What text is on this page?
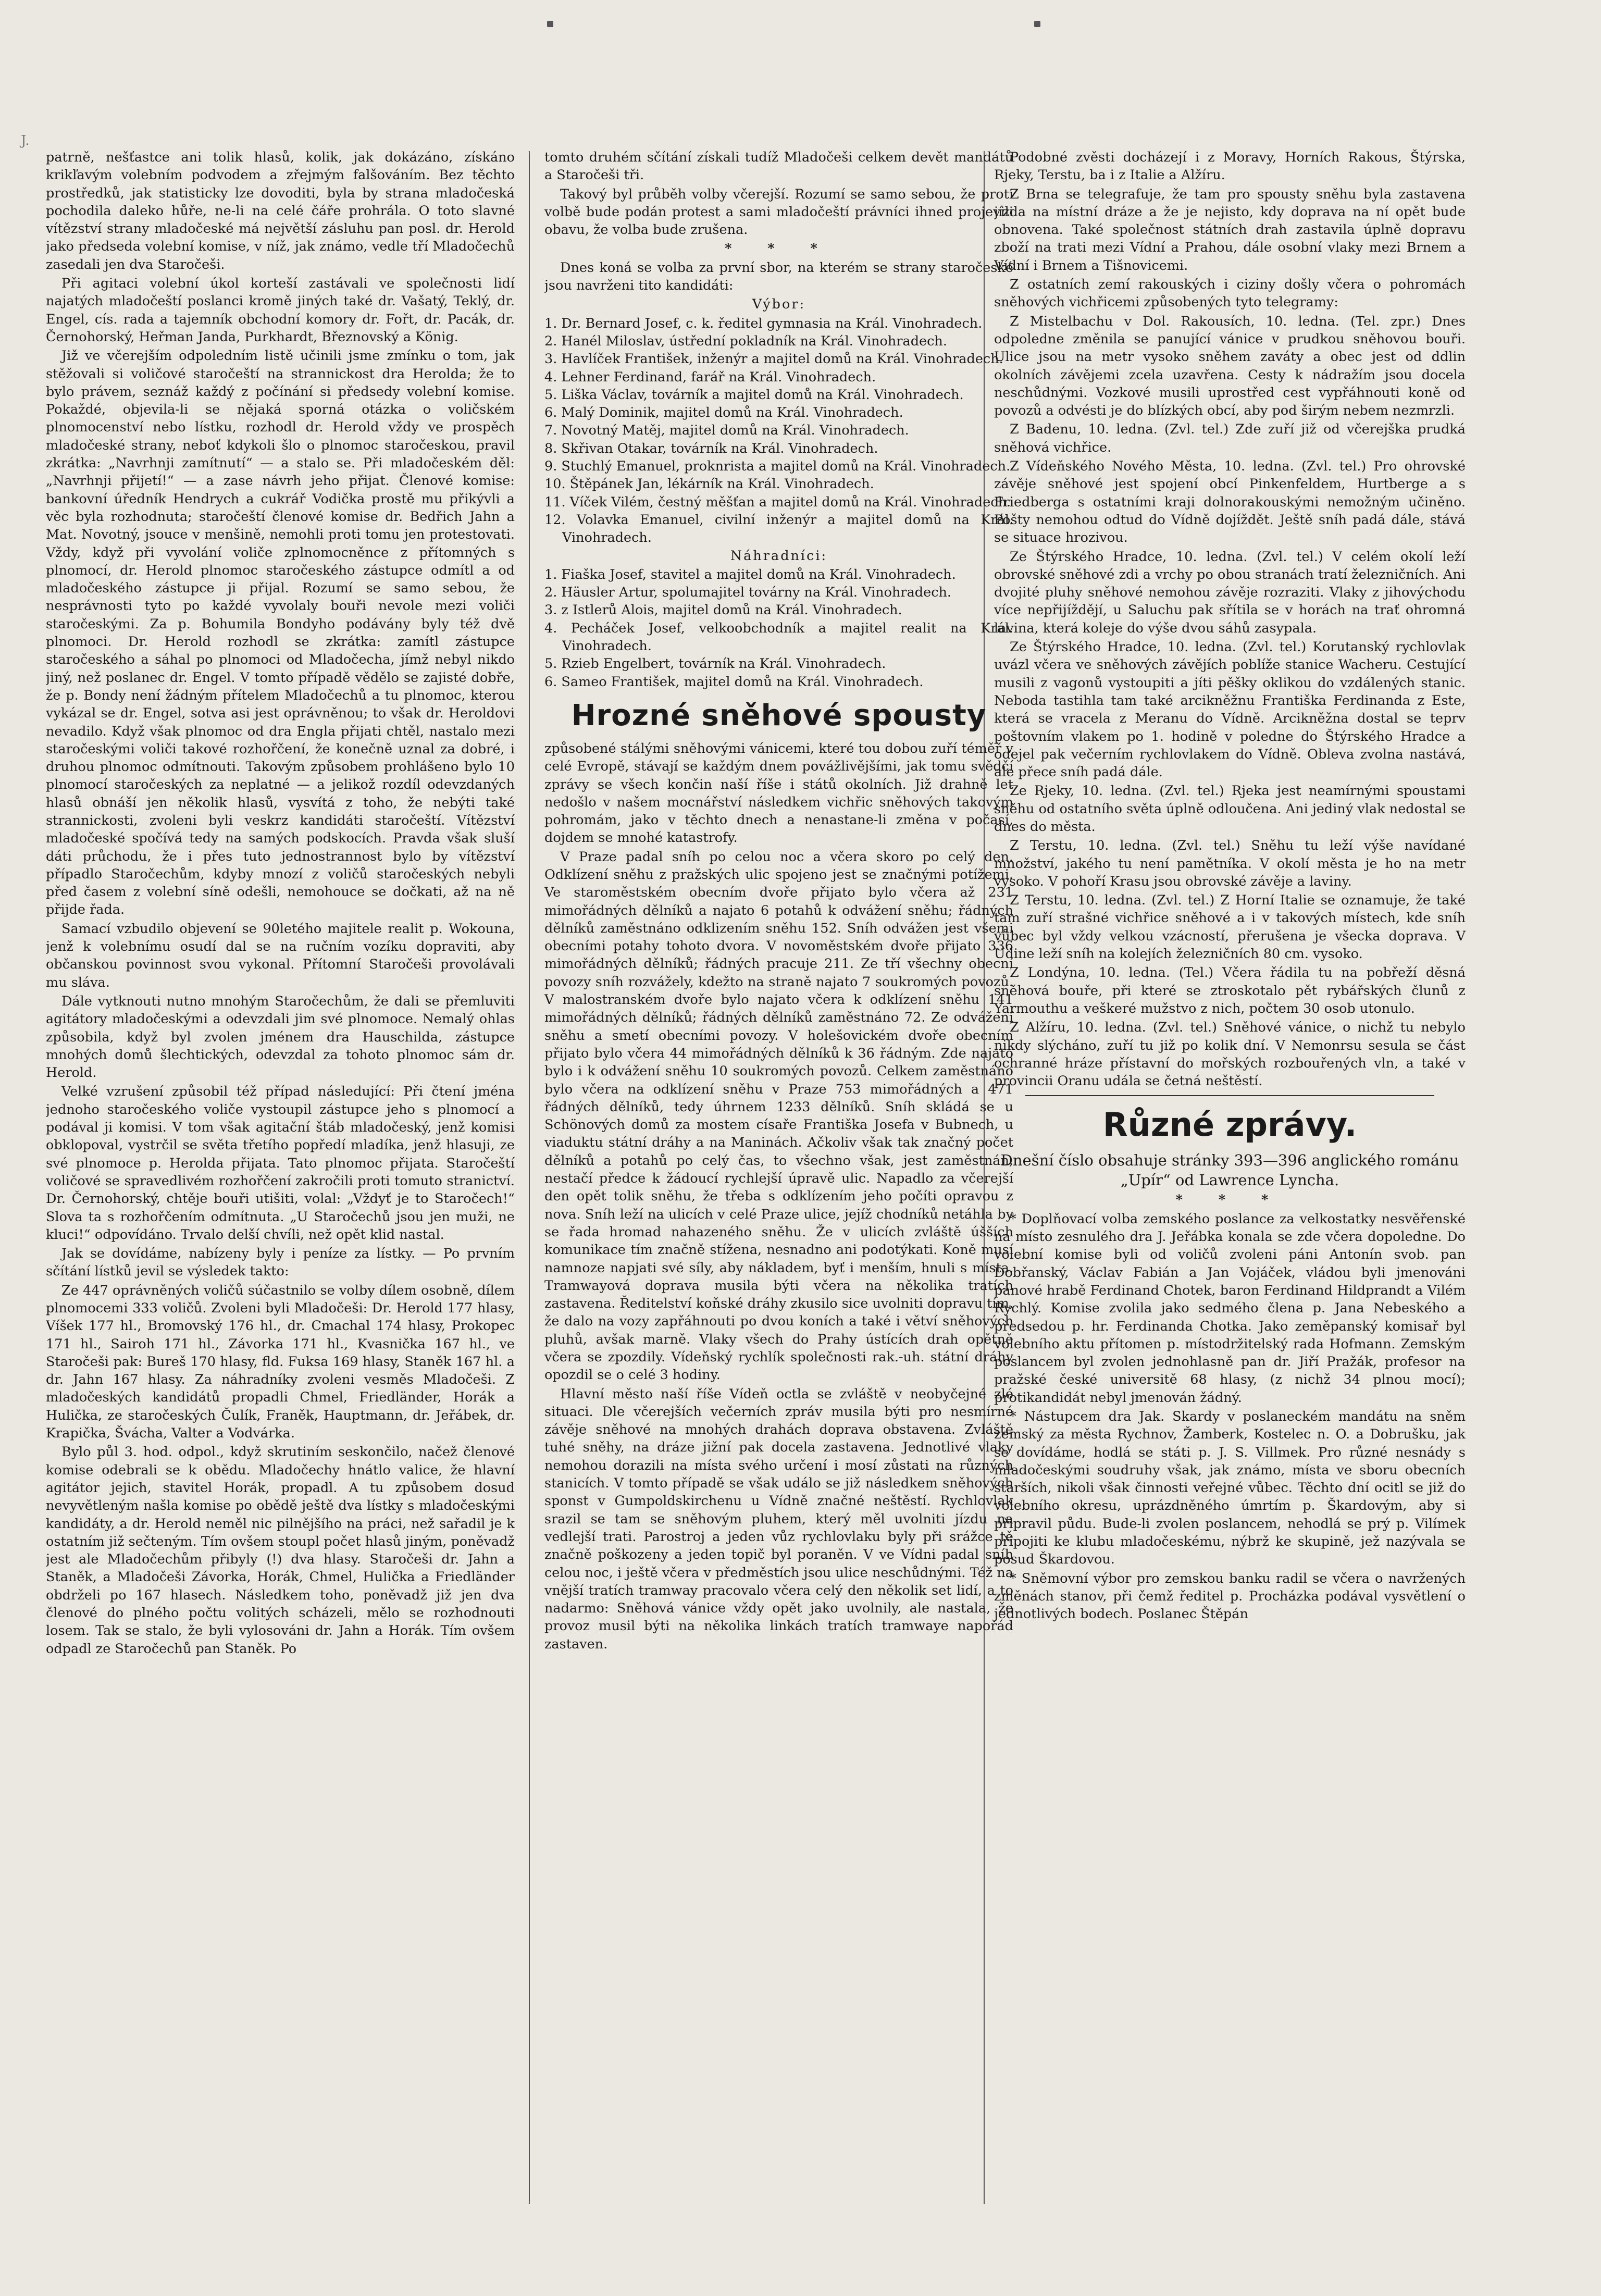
J.

patrně, nešťastce ani tolik hlasů, kolik, jak dokázáno, získáno krikľavým volebním podvodem a zřejmým falšováním. Bez těchto prostředků, jak statisticky lze dovoditi, byla by strana mladočeská pochodila daleko hůře, ne-li na celé čáře prohrála. O toto slavné vítězství strany mladočeské má největší zásluhu pan posl. dr. Herold jako předseda volební komise, v níž, jak známo, vedle tří Mladočechů zasedali jen dva Staročeši.

Při agitaci volební úkol korteší zastávali ve společnosti lidí najatých mladočeští poslanci kromě jiných také dr. Vašatý, Teklý, dr. Engel, cís. rada a tajemník obchodní komory dr. Fořt, dr. Pacák, dr. Černohorský, Heřman Janda, Purkhardt, Březnovský a König.

Již ve včerejším odpoledním listě učinili jsme zmínku o tom, jak stěžovali si voličové staročeští na strannickost dra Herolda; že to bylo právem, seznáž každý z počínání si předsedy volební komise. Pokaždé, objevila-li se nějaká sporná otázka o voličském plnomocenství nebo lístku, rozhodl dr. Herold vždy ve prospěch mladočeské strany, neboť kdykoli šlo o plnomoc staročeskou, pravil zkrátka: „Navrhnji zamítnutí“ — a stalo se. Při mladočeském děl: „Navrhnji přijetí!“ — a zase návrh jeho přijat. Členové komise: bankovní úředník Hendrych a cukrář Vodička prostě mu přikývli a věc byla rozhodnuta; staročeští členové komise dr. Bedřich Jahn a Mat. Novotný, jsouce v menšině, nemohli proti tomu jen protestovati. Vždy, když při vyvolání voliče zplnomocněnce z přítomných s plnomocí, dr. Herold plnomoc staročeského zástupce odmítl a od mladočeského zástupce ji přijal. Rozumí se samo sebou, že nesprávnosti tyto po každé vyvolaly bouři nevole mezi voliči staročeskými. Za p. Bohumila Bondyho podávány byly též dvě plnomoci. Dr. Herold rozhodl se zkrátka: zamítl zástupce staročeského a sáhal po plnomoci od Mladočecha, jímž nebyl nikdo jiný, než poslanec dr. Engel. V tomto případě vědělo se zajisté dobře, že p. Bondy není žádným přítelem Mladočechů a tu plnomoc, kterou vykázal se dr. Engel, sotva asi jest oprávněnou; to však dr. Heroldovi nevadilo. Když však plnomoc od dra Engla přijati chtěl, nastalo mezi staročeskými voliči takové rozhořčení, že konečně uznal za dobré, i druhou plnomoc odmítnouti. Takovým způsobem prohlášeno bylo 10 plnomocí staročeských za neplatné — a jelikož rozdíl odevzdaných hlasů obnáší jen několik hlasů, vysvítá z toho, že nebýti také strannickosti, zvoleni byli veskrz kandidáti staročeští. Vítězství mladočeské spočívá tedy na samých podskocích. Pravda však sluší dáti průchodu, že i přes tuto jednostrannost bylo by vítězství případlo Staročechům, kdyby mnozí z voličů staročeských nebyli před časem z volební síně odešli, nemohouce se dočkati, až na ně přijde řada.

Samací vzbudilo objevení se 90letého majitele realit p. Wokouna, jenž k volebnímu osudí dal se na ručním vozíku dopraviti, aby občanskou povinnost svou vykonal. Přítomní Staročeši provolávali mu sláva.

Dále vytknouti nutno mnohým Staročechům, že dali se přemluviti agitátory mladočeskými a odevzdali jim své plnomoce. Nemalý ohlas způsobila, když byl zvolen jménem dra Hauschilda, zástupce mnohých domů šlechtických, odevzdal za tohoto plnomoc sám dr. Herold.

Velké vzrušení způsobil též případ následující: Při čtení jména jednoho staročeského voliče vystoupil zástupce jeho s plnomocí a podával ji komisi. V tom však agitační štáb mladočeský, jenž komisi obklopoval, vystrčil se světa třetího popředí mladíka, jenž hlasuji, ze své plnomoce p. Herolda přijata. Tato plnomoc přijata. Staročeští voličové se spravedlivém rozhořčení zakročili proti tomuto stranictví. Dr. Černohorský, chtěje bouři utišiti, volal: „Vždyť je to Staročech!“ Slova ta s rozhořčením odmítnuta. „U Staročechů jsou jen muži, ne kluci!“ odpovídáno. Trvalo delší chvíli, než opět klid nastal.

Jak se dovídáme, nabízeny byly i peníze za lístky. — Po prvním sčítání lístků jevil se výsledek takto:

Ze 447 oprávněných voličů súčastnilo se volby dílem osobně, dílem plnomocemi 333 voličů. Zvoleni byli Mladočeši: Dr. Herold 177 hlasy, Víšek 177 hl., Bromovský 176 hl., dr. Cmachal 174 hlasy, Prokopec 171 hl., Sairoh 171 hl., Závorka 171 hl., Kvasnička 167 hl., ve Staročeši pak: Bureš 170 hlasy, fld. Fuksa 169 hlasy, Staněk 167 hl. a dr. Jahn 167 hlasy. Za náhradníky zvoleni vesměs Mladočeši. Z mladočeských kandidátů propadli Chmel, Friedländer, Horák a Hulička, ze staročeských Čulík, Franěk, Hauptmann, dr. Jeřábek, dr. Krapička, Švácha, Valter a Vodvárka.

Bylo půl 3. hod. odpol., když skrutiním seskončilo, načež členové komise odebrali se k obědu. Mladočechy hnátlo valice, že hlavní agitátor jejich, stavitel Horák, propadl. A tu způsobem dosud nevyvětleným našla komise po obědě ještě dva lístky s mladočeskými kandidáty, a dr. Herold neměl nic pilnějšího na práci, než sařadil je k ostatním již sečteným. Tím ovšem stoupl počet hlasů jiným, poněvadž jest ale Mladočechům přibyly (!) dva hlasy. Staročeši dr. Jahn a Staněk, a Mladočeši Závorka, Horák, Chmel, Hulička a Friedländer obdrželi po 167 hlasech. Následkem toho, poněvadž již jen dva členové do plného počtu volitých scházeli, mělo se rozhodnouti losem. Tak se stalo, že byli vylosováni dr. Jahn a Horák. Tím ovšem odpadl ze Staročechů pan Staněk. Po

tomto druhém sčítání získali tudíž Mladočeši celkem devět mandátů a Staročeši tři.

Takový byl průběh volby včerejší. Rozumí se samo sebou, že proti volbě bude podán protest a sami mladočeští právníci ihned projevili obavu, že volba bude zrušena.

* * *

Dnes koná se volba za první sbor, na kterém se strany staročeské jsou navrženi tito kandidáti:

Výbor:

1. Dr. Bernard Josef, c. k. ředitel gymnasia na Král. Vinohradech.
2. Hanél Miloslav, ústřední pokladník na Král. Vinohradech.
3. Havlíček František, inženýr a majitel domů na Král. Vinohradech.
4. Lehner Ferdinand, farář na Král. Vinohradech.
5. Liška Václav, továrník a majitel domů na Král. Vinohradech.
6. Malý Dominik, majitel domů na Král. Vinohradech.
7. Novotný Matěj, majitel domů na Král. Vinohradech.
8. Skřivan Otakar, továrník na Král. Vinohradech.
9. Stuchlý Emanuel, proknrista a majitel domů na Král. Vinohradech.
10. Štěpánek Jan, lékárník na Král. Vinohradech.
11. Víček Vilém, čestný měšťan a majitel domů na Král. Vinohradech.
12. Volavka Emanuel, civilní inženýr a majitel domů na Král. Vinohradech.

Náhradníci:

1. Fiaška Josef, stavitel a majitel domů na Král. Vinohradech.
2. Häusler Artur, spolumajitel továrny na Král. Vinohradech.
3. z Istlerů Alois, majitel domů na Král. Vinohradech.
4. Pecháček Josef, velkoobchodník a majitel realit na Král. Vinohradech.
5. Rzieb Engelbert, továrník na Král. Vinohradech.
6. Sameo František, majitel domů na Král. Vinohradech.
Hrozné sněhové spousty

způsobené stálými sněhovými vánicemi, které tou dobou zuří téměř v celé Evropě, stávají se každým dnem povážlivějšími, jak tomu svědčí zprávy se všech končin naší říše i států okolních. Již drahně let nedošlo v našem mocnářství následkem vichřic sněhových takovým pohromám, jako v těchto dnech a nenastane-li změna v počasí, dojdem se mnohé katastrofy.

V Praze padal sníh po celou noc a včera skoro po celý den. Odklízení sněhu z pražských ulic spojeno jest se značnými potížemi. Ve staroměstském obecním dvoře přijato bylo včera až 231 mimořádných dělníků a najato 6 potahů k odvážení sněhu; řádných dělníků zaměstnáno odklizením sněhu 152. Sníh odvážen jest všemi obecními potahy tohoto dvora. V novoměstském dvoře přijato 336 mimořádných dělníků; řádných pracuje 211. Ze tří všechny obecní povozy sníh rozvážely, kdežto na straně najato 7 soukromých povozů. V malostranském dvoře bylo najato včera k odklízení sněhu 141 mimořádných dělníků; řádných dělníků zaměstnáno 72. Ze odvážení sněhu a smetí obecními povozy. V holešovickém dvoře obecním přijato bylo včera 44 mimořádných dělníků k 36 řádným. Zde najato bylo i k odvážení sněhu 10 soukromých povozů. Celkem zaměstnáno bylo včera na odklízení sněhu v Praze 753 mimořádných a 471 řádných dělníků, tedy úhrnem 1233 dělníků. Sníh skládá se u Schönových domů za mostem císaře Františka Josefa v Bubnech, u viaduktu státní dráhy a na Maninách. Ačkoliv však tak značný počet dělníků a potahů po celý čas, to všechno však, jest zaměstnán, nestačí předce k žádoucí rychlejší úpravě ulic. Napadlo za včerejší den opět tolik sněhu, že třeba s odklízením jeho počíti opravou z nova. Sníh leží na ulicích v celé Praze ulice, jejíž chodníků netáhla by se řada hromad nahazeného sněhu. Že v ulicích zvláště úšších komunikace tím značně stížena, nesnadno ani podotýkati. Koně musí namnoze napjati své síly, aby nákladem, byť i menším, hnuli s místa. Tramwayová doprava musila býti včera na několika tratích zastavena. Ředitelství koňské dráhy zkusilo sice uvolniti dopravu tím, že dalo na vozy zapřáhnouti po dvou koních a také i větví sněhových pluhů, avšak marně. Vlaky všech do Prahy ústících drah opětně včera se zpozdily. Vídeňský rychlík společnosti rak.-uh. státní dráhy opozdil se o celé 3 hodiny.

Hlavní město naší říše Vídeň octla se zvláště v neobyčejné zlé situaci. Dle včerejších večerních zpráv musila býti pro nesmírné závěje sněhové na mnohých drahách doprava obstavena. Zvláště tuhé sněhy, na dráze jižní pak docela zastavena. Jednotlivé vlaky nemohou dorazili na místa svého určení i mosí zůstati na různých stanicích. V tomto případě se však událo se již následkem sněhových sponst v Gumpoldskirchenu u Vídně značné neštěstí. Rychlovlak srazil se tam se sněhovým pluhem, který měl uvolniti jízdu na vedlejší trati. Parostroj a jeden vůz rychlovlaku byly při srážce tě značně poškozeny a jeden topič byl poraněn. V ve Vídni padal sníh celou noc, i ještě včera v předměstích jsou ulice neschůdnými. Též na vnější tratích tramway pracovalo včera celý den několik set lidí, a to nadarmo: Sněhová vánice vždy opět jako uvolnily, ale nastala, že provoz musil býti na několika linkách tratích tramwaye napořád zastaven.

Podobné zvěsti docházejí i z Moravy, Horních Rakous, Štýrska, Rjeky, Terstu, ba i z Italie a Alžíru.

Z Brna se telegrafuje, že tam pro spousty sněhu byla zastavena jízda na místní dráze a že je nejisto, kdy doprava na ní opět bude obnovena. Také společnost státních drah zastavila úplně dopravu zboží na trati mezi Vídní a Prahou, dále osobní vlaky mezi Brnem a Vídní i Brnem a Tišnovicemi.

Z ostatních zemí rakouských i ciziny došly včera o pohromách sněhových vichřicemi způsobených tyto telegramy:

Z Mistelbachu v Dol. Rakousích, 10. ledna. (Tel. zpr.) Dnes odpoledne změnila se panující vánice v prudkou sněhovou bouři. Ulice jsou na metr vysoko sněhem zaváty a obec jest od ddlin okolních závějemi zcela uzavřena. Cesty k nádražím jsou docela neschůdnými. Vozkové musili uprostřed cest vypřáhnouti koně od povozů a odvésti je do blízkých obcí, aby pod širým nebem nezmrzli.

Z Badenu, 10. ledna. (Zvl. tel.) Zde zuří již od včerejška prudká sněhová vichřice.

Z Vídeňského Nového Města, 10. ledna. (Zvl. tel.) Pro ohrovské závěje sněhové jest spojení obcí Pinkenfeldem, Hurtberge a s Friedberga s ostatními kraji dolnorakouskými nemožným učiněno. Pošty nemohou odtud do Vídně dojíždět. Ještě sníh padá dále, stává se situace hrozivou.

Ze Štýrského Hradce, 10. ledna. (Zvl. tel.) V celém okolí leží obrovské sněhové zdi a vrchy po obou stranách tratí železničních. Ani dvojité pluhy sněhové nemohou závěje rozraziti. Vlaky z jihovýchodu více nepřijíždějí, u Saluchu pak sřítila se v horách na trať ohromná lavina, která koleje do výše dvou sáhů zasypala.

Ze Štýrského Hradce, 10. ledna. (Zvl. tel.) Korutanský rychlovlak uvázl včera ve sněhových závějích poblíže stanice Wacheru. Cestující musili z vagonů vystoupiti a jíti pěšky oklikou do vzdálených stanic. Neboda tastihla tam také arcikněžnu Františka Ferdinanda z Este, která se vracela z Meranu do Vídně. Arcikněžna dostal se teprv poštovním vlakem po 1. hodině v poledne do Štýrského Hradce a odejel pak večerním rychlovlakem do Vídně. Obleva zvolna nastává, ale přece sníh padá dále.

Ze Rjeky, 10. ledna. (Zvl. tel.) Rjeka jest neamírnými spoustami sněhu od ostatního světa úplně odloučena. Ani jediný vlak nedostal se dnes do města.

Z Terstu, 10. ledna. (Zvl. tel.) Sněhu tu leží výše navídané množství, jakého tu není pamětníka. V okolí města je ho na metr vysoko. V pohoří Krasu jsou obrovské závěje a laviny.

Z Terstu, 10. ledna. (Zvl. tel.) Z Horní Italie se oznamuje, že také tam zuří strašné vichřice sněhové a i v takových místech, kde sníh vůbec byl vždy velkou vzácností, přerušena je všecka doprava. V Udine leží sníh na kolejích železničních 80 cm. vysoko.

Z Londýna, 10. ledna. (Tel.) Včera řádila tu na pobřeží děsná sněhová bouře, při které se ztroskotalo pět rybářských člunů z Yarmouthu a veškeré mužstvo z nich, počtem 30 osob utonulo.

Z Alžíru, 10. ledna. (Zvl. tel.) Sněhové vánice, o nichž tu nebylo nikdy slýcháno, zuří tu již po kolik dní. V Nemonrsu sesula se část ochranné hráze přístavní do mořských rozbouřených vln, a také v provincii Oranu udála se četná neštěstí.

Různé zprávy.

Dnešní číslo obsahuje stránky 393—396 anglického románu „Upír“ od Lawrence Lyncha.

* * *

* Doplňovací volba zemského poslance za velkostatky nesvěřenské na místo zesnulého dra J. Jeřábka konala se zde včera dopoledne. Do volební komise byli od voličů zvoleni páni Antonín svob. pan Dobřanský, Václav Fabián a Jan Vojáček, vládou byli jmenováni pánové hrabě Ferdinand Chotek, baron Ferdinand Hildprandt a Vilém Rychlý. Komise zvolila jako sedmého člena p. Jana Nebeského a předsedou p. hr. Ferdinanda Chotka. Jako zeměpanský komisař byl volebního aktu přítomen p. místodržitelský rada Hofmann. Zemským poslancem byl zvolen jednohlasně pan dr. Jiří Pražák, profesor na pražské české universitě 68 hlasy, (z nichž 34 plnou mocí); protikandidát nebyl jmenován žádný.

* Nástupcem dra Jak. Skardy v poslaneckém mandátu na sněm zemský za města Rychnov, Žamberk, Kostelec n. O. a Dobrušku, jak se dovídáme, hodlá se státi p. J. S. Villmek. Pro různé nesnády s mladočeskými soudruhy však, jak známo, místa ve sboru obecních starších, nikoli však činnosti veřejné vůbec. Těchto dní ocitl se již do volebního okresu, uprázdněného úmrtím p. Škardovým, aby si připravil půdu. Bude-li zvolen poslancem, nehodlá se prý p. Vilímek připojiti ke klubu mladočeskému, nýbrž ke skupině, jež nazývala se posud Škardovou.

* Sněmovní výbor pro zemskou banku radil se včera o navržených změnách stanov, při čemž ředitel p. Procházka podával vysvětlení o jednotlivých bodech. Poslanec Štěpán
